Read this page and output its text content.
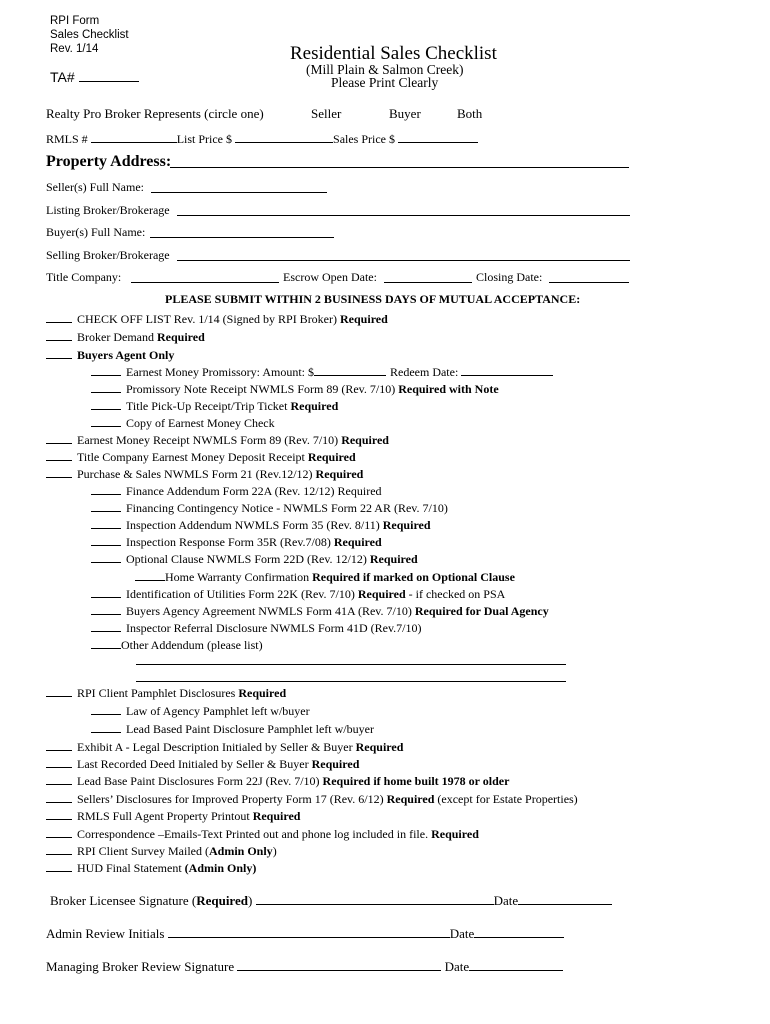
RPI Form
Sales Checklist
Rev. 1/14
TA#
Residential Sales Checklist
(Mill Plain & Salmon Creek)
Please Print Clearly
Realty Pro Broker Represents (circle one)	Seller	Buyer	Both
RMLS #	List Price $	Sales Price $
Property Address:
Seller(s) Full Name:
Listing Broker/Brokerage
Buyer(s) Full Name:
Selling Broker/Brokerage
Title Company:	Escrow Open Date:	Closing Date:
PLEASE SUBMIT WITHIN 2 BUSINESS DAYS OF MUTUAL ACCEPTANCE:
CHECK OFF LIST Rev. 1/14 (Signed by RPI Broker) Required
Broker Demand Required
Buyers Agent Only
Earnest Money Promissory: Amount: $	Redeem Date:
Promissory Note Receipt NWMLS Form 89 (Rev. 7/10) Required with Note
Title Pick-Up Receipt/Trip Ticket Required
Copy of Earnest Money Check
Earnest Money Receipt NWMLS Form 89 (Rev. 7/10) Required
Title Company Earnest Money Deposit Receipt Required
Purchase & Sales NWMLS Form 21 (Rev.12/12) Required
Finance Addendum Form 22A (Rev. 12/12) Required
Financing Contingency Notice - NWMLS Form 22 AR (Rev. 7/10)
Inspection Addendum NWMLS Form 35 (Rev. 8/11) Required
Inspection Response Form 35R (Rev.7/08) Required
Optional Clause NWMLS Form 22D (Rev. 12/12) Required
Home Warranty Confirmation Required if marked on Optional Clause
Identification of Utilities Form 22K (Rev. 7/10) Required - if checked on PSA
Buyers Agency Agreement NWMLS Form 41A (Rev. 7/10) Required for Dual Agency
Inspector Referral Disclosure NWMLS Form 41D (Rev.7/10)
Other Addendum (please list)
RPI Client Pamphlet Disclosures Required
Law of Agency Pamphlet left w/buyer
Lead Based Paint Disclosure Pamphlet left w/buyer
Exhibit A - Legal Description Initialed by Seller & Buyer Required
Last Recorded Deed Initialed by Seller & Buyer Required
Lead Base Paint Disclosures Form 22J (Rev. 7/10) Required if home built 1978 or older
Sellers’ Disclosures for Improved Property Form 17 (Rev. 6/12) Required (except for Estate Properties)
RMLS Full Agent Property Printout Required
Correspondence –Emails-Text Printed out and phone log included in file. Required
RPI Client Survey Mailed (Admin Only)
HUD Final Statement (Admin Only)
Broker Licensee Signature (Required)	Date
Admin Review Initials	Date
Managing Broker Review Signature	Date
